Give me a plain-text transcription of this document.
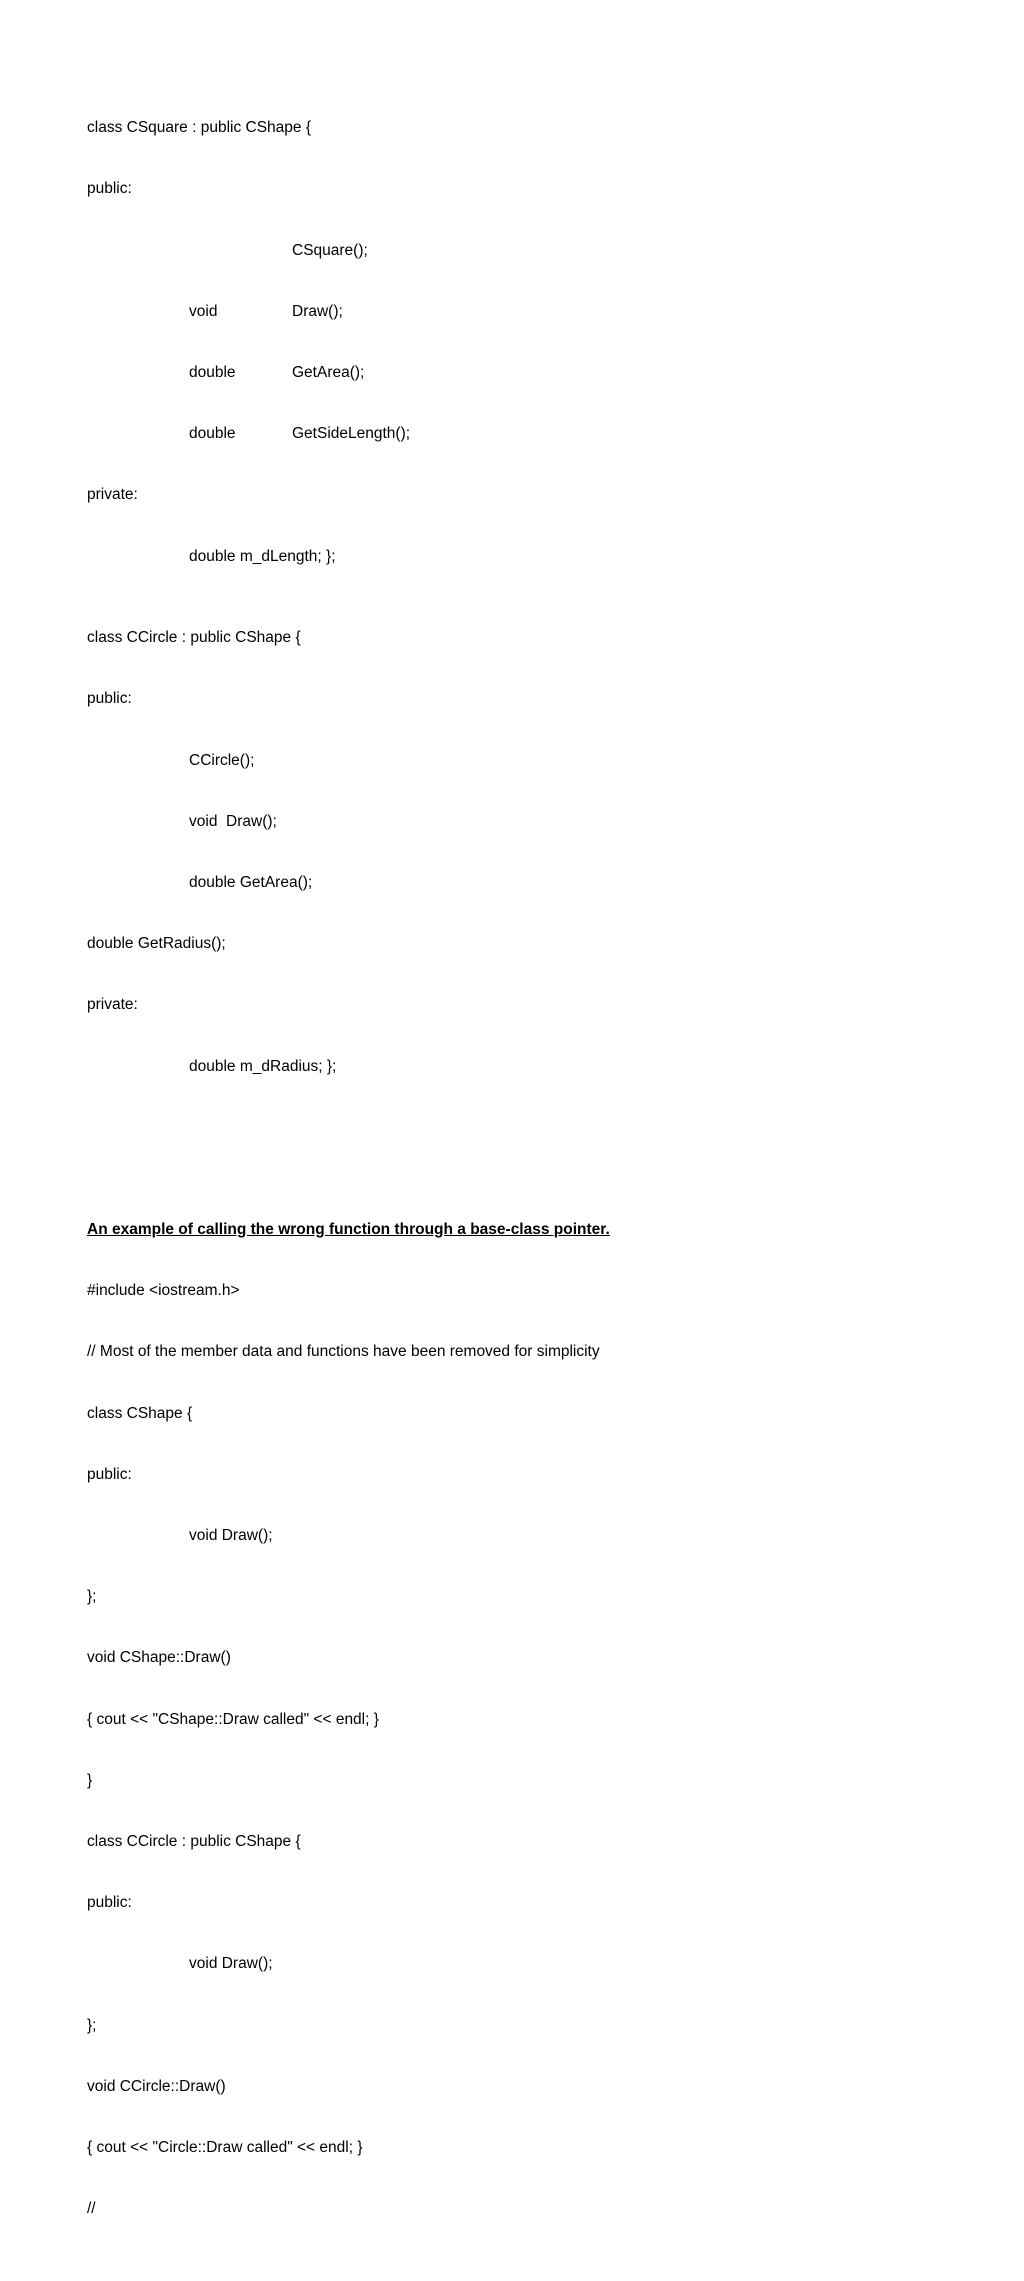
class CSquare : public CShape {

public:

CSquare();

void	Draw();

double	GetArea();

double	GetSideLength();

private:

double m_dLength; };

class CCircle : public CShape {

public:

CCircle();

void  Draw();

double GetArea();

double GetRadius();

private:

double m_dRadius; };

An example of calling the wrong function through a base-class pointer.

#include <iostream.h>

// Most of the member data and functions have been removed for simplicity

class CShape {

public:

void Draw();

};

void CShape::Draw()

{ cout << "CShape::Draw called" << endl; }

}

class CCircle : public CShape {

public:

void Draw();

};

void CCircle::Draw()

{ cout << "Circle::Draw called" << endl; }

//
